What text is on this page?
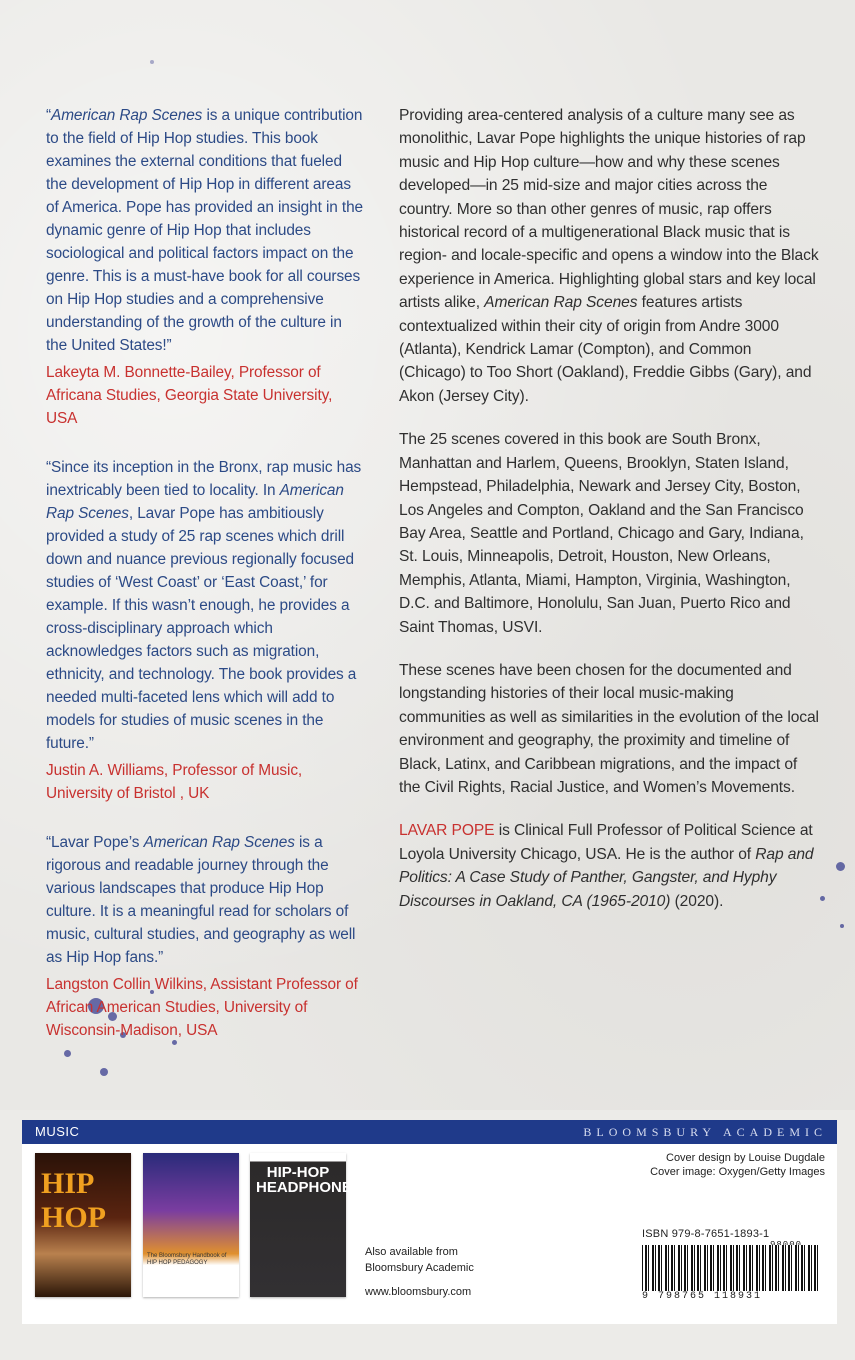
“American Rap Scenes is a unique contribution to the field of Hip Hop studies. This book examines the external conditions that fueled the development of Hip Hop in different areas of America. Pope has provided an insight in the dynamic genre of Hip Hop that includes sociological and political factors impact on the genre. This is a must-have book for all courses on Hip Hop studies and a comprehensive understanding of the growth of the culture in the United States!”

Lakeyta M. Bonnette-Bailey, Professor of Africana Studies, Georgia State University, USA

“Since its inception in the Bronx, rap music has inextricably been tied to locality. In American Rap Scenes, Lavar Pope has ambitiously provided a study of 25 rap scenes which drill down and nuance previous regionally focused studies of ‘West Coast’ or ‘East Coast,’ for example. If this wasn’t enough, he provides a cross-disciplinary approach which acknowledges factors such as migration, ethnicity, and technology. The book provides a needed multi-faceted lens which will add to models for studies of music scenes in the future.”

Justin A. Williams, Professor of Music, University of Bristol , UK

“Lavar Pope’s American Rap Scenes is a rigorous and readable journey through the various landscapes that produce Hip Hop culture. It is a meaningful read for scholars of music, cultural studies, and geography as well as Hip Hop fans.”

Langston Collin Wilkins, Assistant Professor of African American Studies, University of Wisconsin-Madison, USA

Providing area-centered analysis of a culture many see as monolithic, Lavar Pope highlights the unique histories of rap music and Hip Hop culture—how and why these scenes developed—in 25 mid-size and major cities across the country. More so than other genres of music, rap offers historical record of a multigenerational Black music that is region- and locale-specific and opens a window into the Black experience in America. Highlighting global stars and key local artists alike, American Rap Scenes features artists contextualized within their city of origin from Andre 3000 (Atlanta), Kendrick Lamar (Compton), and Common (Chicago) to Too Short (Oakland), Freddie Gibbs (Gary), and Akon (Jersey City).

The 25 scenes covered in this book are South Bronx, Manhattan and Harlem, Queens, Brooklyn, Staten Island, Hempstead, Philadelphia, Newark and Jersey City, Boston, Los Angeles and Compton, Oakland and the San Francisco Bay Area, Seattle and Portland, Chicago and Gary, Indiana, St. Louis, Minneapolis, Detroit, Houston, New Orleans, Memphis, Atlanta, Miami, Hampton, Virginia, Washington, D.C. and Baltimore, Honolulu, San Juan, Puerto Rico and Saint Thomas, USVI.

These scenes have been chosen for the documented and longstanding histories of their local music-making communities as well as similarities in the evolution of the local environment and geography, the proximity and timeline of Black, Latinx, and Caribbean migrations, and the impact of the Civil Rights, Racial Justice, and Women’s Movements.

LAVAR POPE is Clinical Full Professor of Political Science at Loyola University Chicago, USA. He is the author of Rap and Politics: A Case Study of Panther, Gangster, and Hyphy Discourses in Oakland, CA (1965-2010) (2020).

MUSIC	BLOOMSBURY ACADEMIC
HIP HOP
The Bloomsbury Handbook of HIP HOP PEDAGOGY
HIP-HOP HEADPHONES
Also available from
Bloomsbury Academic
www.bloomsbury.com
Cover design by Louise Dugdale
Cover image: Oxygen/Getty Images
ISBN 979-8-7651-1893-1
9 798765 118931
